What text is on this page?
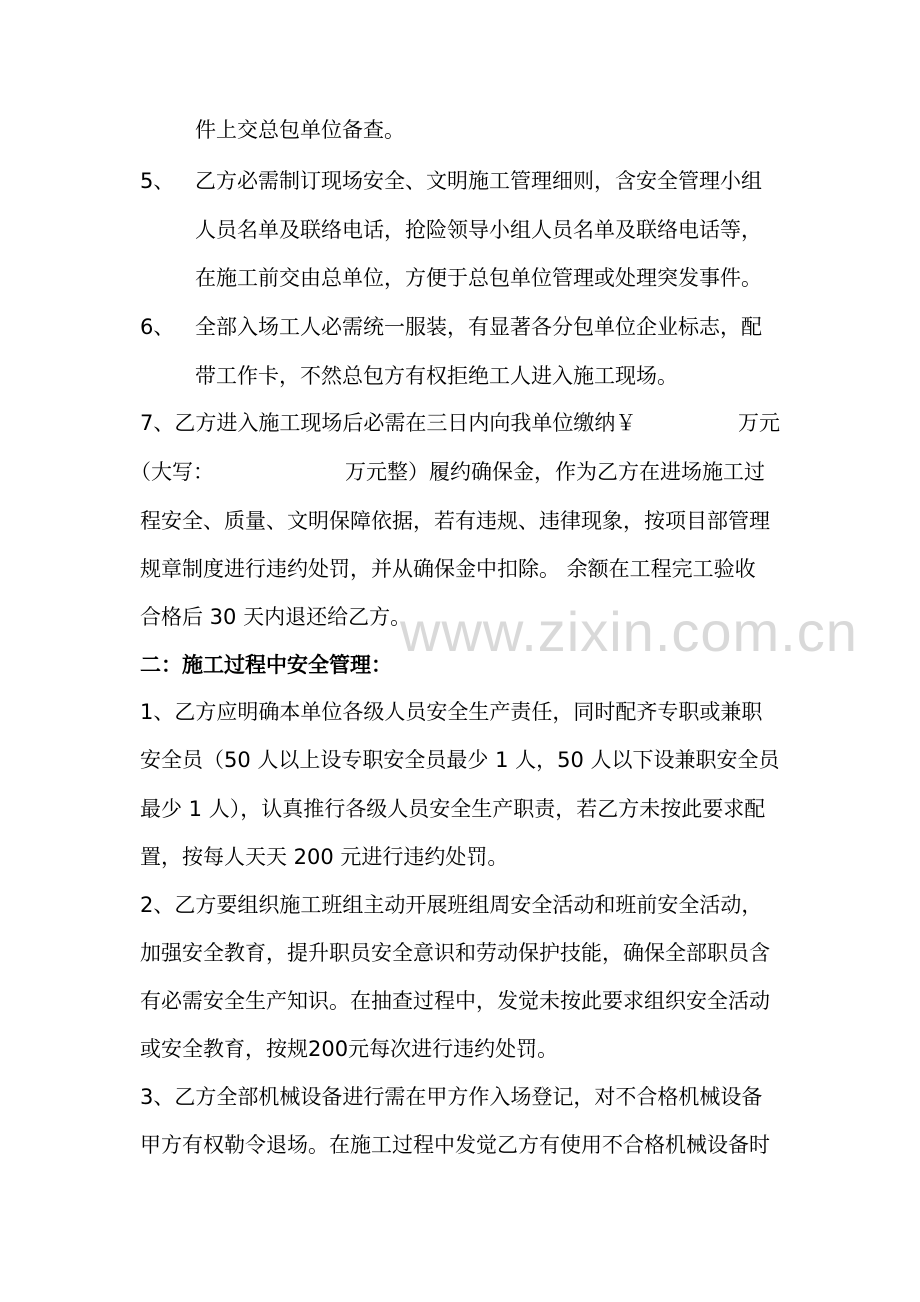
件上交总包单位备查。
5、 乙方必需制订现场安全、文明施工管理细则，含安全管理小组
人员名单及联络电话，抢险领导小组人员名单及联络电话等，
在施工前交由总单位，方便于总包单位管理或处理突发事件。
6、 全部入场工人必需统一服装，有显著各分包单位企业标志，配
带工作卡，不然总包方有权拒绝工人进入施工现场。
7、乙方进入施工现场后必需在三日内向我单位缴纳￥	万元
（大写：	万元整）履约确保金，作为乙方在进场施工过
程安全、质量、文明保障依据，若有违规、违律现象，按项目部管理
规章制度进行违约处罚，并从确保金中扣除。 余额在工程完工验收
合格后 30 天内退还给乙方。
二：施工过程中安全管理：
1、乙方应明确本单位各级人员安全生产责任，同时配齐专职或兼职
安全员（50 人以上设专职安全员最少 1 人，50 人以下设兼职安全员
最少 1 人），认真推行各级人员安全生产职责，若乙方未按此要求配
置，按每人天天 200 元进行违约处罚。
2、乙方要组织施工班组主动开展班组周安全活动和班前安全活动，
加强安全教育，提升职员安全意识和劳动保护技能，确保全部职员含
有必需安全生产知识。在抽查过程中，发觉未按此要求组织安全活动
或安全教育，按规200元每次进行违约处罚。
3、乙方全部机械设备进行需在甲方作入场登记，对不合格机械设备
甲方有权勒令退场。在施工过程中发觉乙方有使用不合格机械设备时
www.zixin.com.cn
